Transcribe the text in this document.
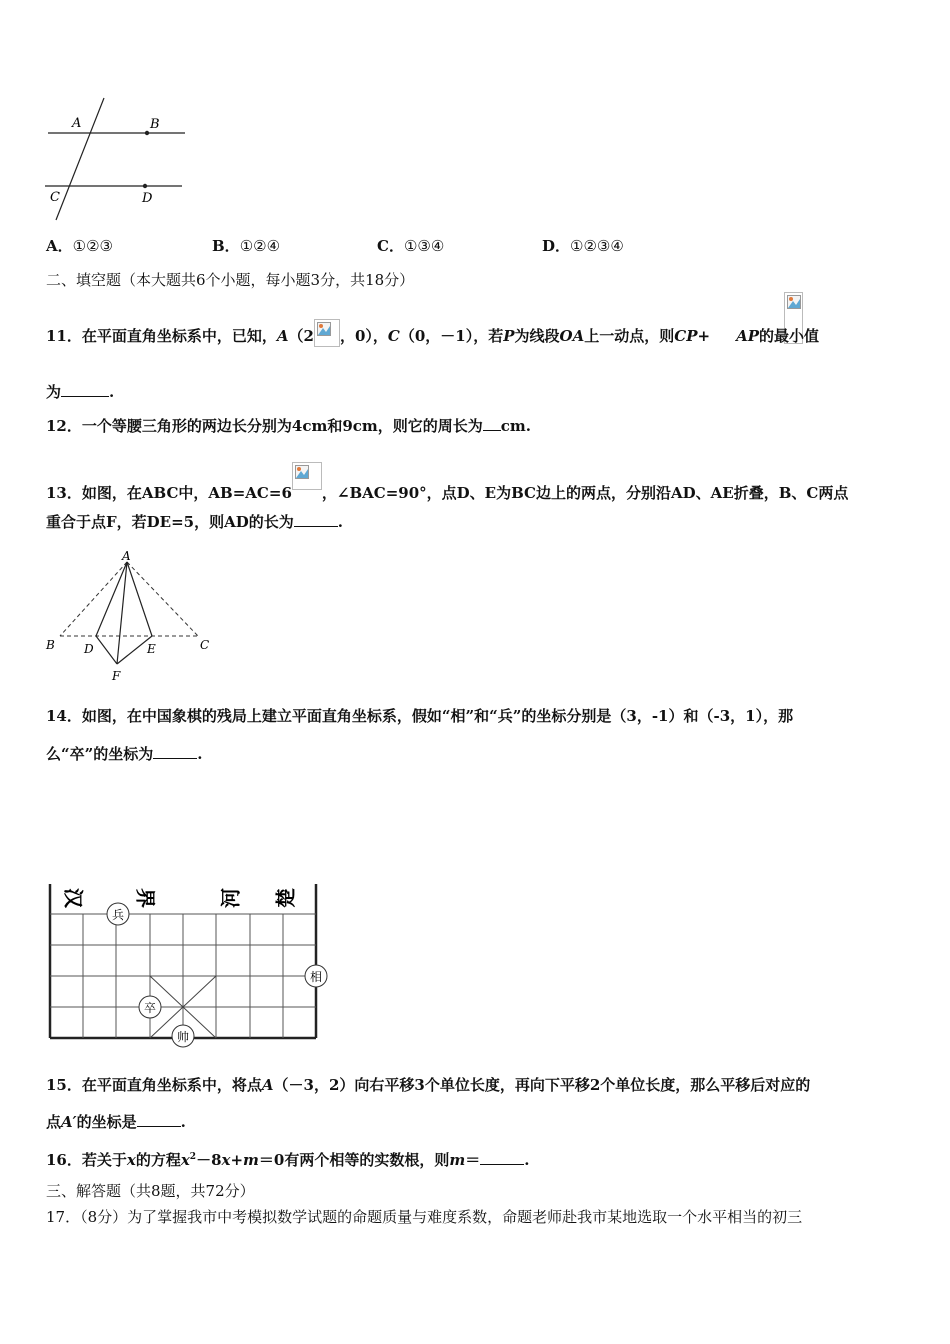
A	B
C	D
A．①②③	B．①②④	C．①③④	D．①②③④
二、填空题（本大题共6个小题，每小题3分，共18分）
11．在平面直角坐标系中，已知，A（2 ，0），C（0，－1），若P为线段OA上一动点，则CP+ AP的最小值
为	.
12．一个等腰三角形的两边长分别为4cm和9cm，则它的周长为 cm.
13．如图，在ABC中，AB=AC=6 ，∠BAC=90°，点D、E为BC边上的两点，分别沿AD、AE折叠，B、C两点
重合于点F，若DE=5，则AD的长为	.
A
B	C
D	E
F
14．如图，在中国象棋的残局上建立平面直角坐标系，假如“相”和“兵”的坐标分别是（3，-1）和（-3，1），那
么“卒”的坐标为	.
汉 界	河 楚
兵
相
卒
帅
15．在平面直角坐标系中，将点A（－3，2）向右平移3个单位长度，再向下平移2个单位长度，那么平移后对应的
点A′的坐标是	.
16．若关于x的方程$x^2-8x+m=0$有两个相等的实数根，则m＝	.
三、解答题（共8题，共72分）
17．（8分）为了掌握我市中考模拟数学试题的命题质量与难度系数，命题老师赴我市某地选取一个水平相当的初三
